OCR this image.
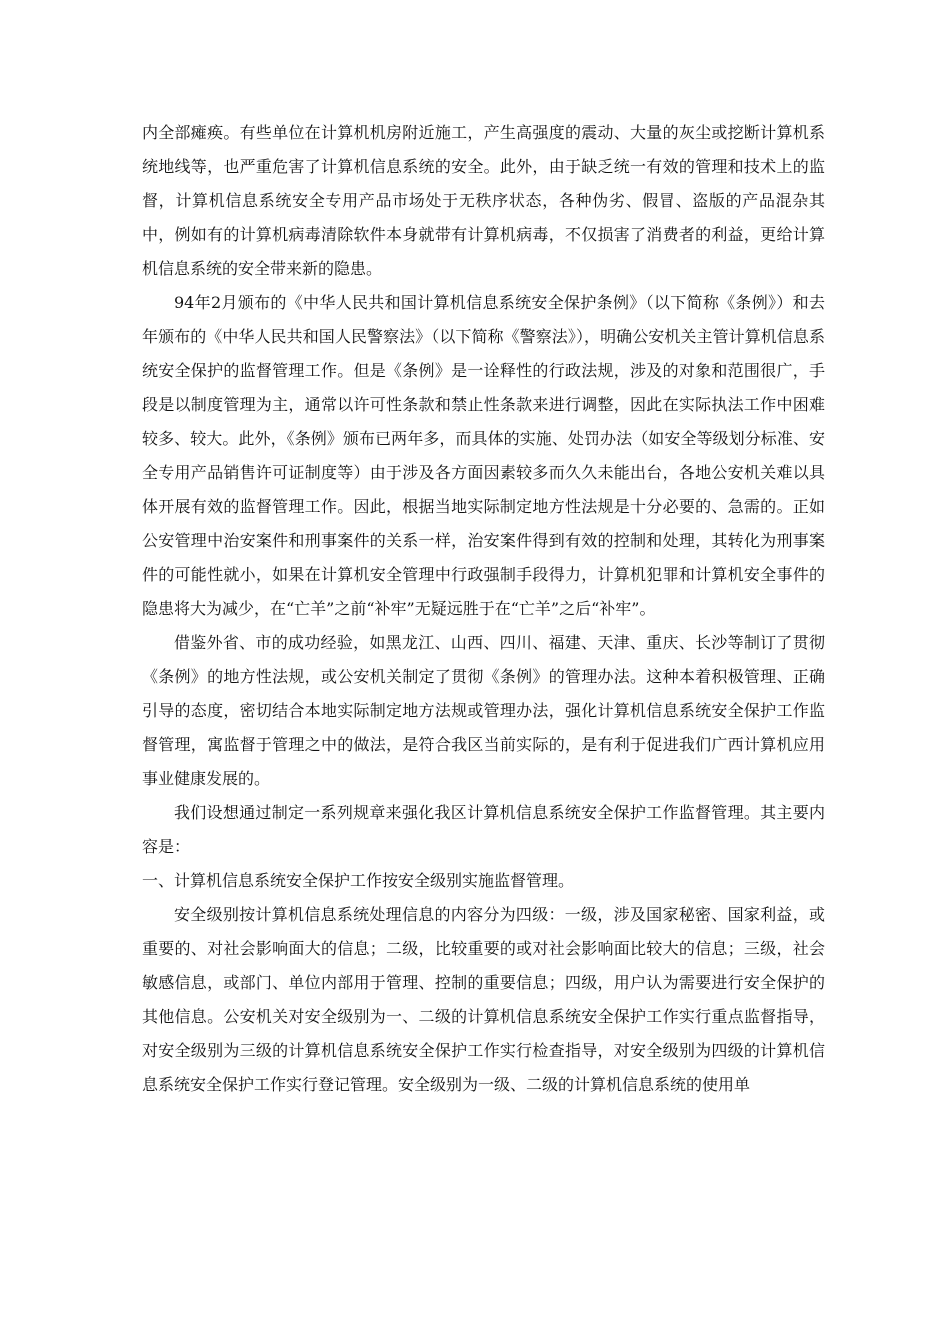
内全部瘫痪。有些单位在计算机机房附近施工，产生高强度的震动、大量的灰尘或挖断计算机系统地线等，也严重危害了计算机信息系统的安全。此外，由于缺乏统一有效的管理和技术上的监督，计算机信息系统安全专用产品市场处于无秩序状态，各种伪劣、假冒、盗版的产品混杂其中，例如有的计算机病毒清除软件本身就带有计算机病毒，不仅损害了消费者的利益，更给计算机信息系统的安全带来新的隐患。

94年2月颁布的《中华人民共和国计算机信息系统安全保护条例》（以下简称《条例》）和去年颁布的《中华人民共和国人民警察法》（以下简称《警察法》），明确公安机关主管计算机信息系统安全保护的监督管理工作。但是《条例》是一诠释性的行政法规，涉及的对象和范围很广，手段是以制度管理为主，通常以许可性条款和禁止性条款来进行调整，因此在实际执法工作中困难较多、较大。此外，《条例》颁布已两年多，而具体的实施、处罚办法（如安全等级划分标准、安全专用产品销售许可证制度等）由于涉及各方面因素较多而久久未能出台，各地公安机关难以具体开展有效的监督管理工作。因此，根据当地实际制定地方性法规是十分必要的、急需的。正如公安管理中治安案件和刑事案件的关系一样，治安案件得到有效的控制和处理，其转化为刑事案件的可能性就小，如果在计算机安全管理中行政强制手段得力，计算机犯罪和计算机安全事件的隐患将大为减少，在“亡羊”之前“补牢”无疑远胜于在“亡羊”之后“补牢”。

借鉴外省、市的成功经验，如黑龙江、山西、四川、福建、天津、重庆、长沙等制订了贯彻《条例》的地方性法规，或公安机关制定了贯彻《条例》的管理办法。这种本着积极管理、正确引导的态度，密切结合本地实际制定地方法规或管理办法，强化计算机信息系统安全保护工作监督管理，寓监督于管理之中的做法，是符合我区当前实际的，是有利于促进我们广西计算机应用事业健康发展的。

我们设想通过制定一系列规章来强化我区计算机信息系统安全保护工作监督管理。其主要内容是：

一、计算机信息系统安全保护工作按安全级别实施监督管理。

安全级别按计算机信息系统处理信息的内容分为四级：一级，涉及国家秘密、国家利益，或重要的、对社会影响面大的信息；二级，比较重要的或对社会影响面比较大的信息；三级，社会敏感信息，或部门、单位内部用于管理、控制的重要信息；四级，用户认为需要进行安全保护的其他信息。公安机关对安全级别为一、二级的计算机信息系统安全保护工作实行重点监督指导，对安全级别为三级的计算机信息系统安全保护工作实行检查指导，对安全级别为四级的计算机信息系统安全保护工作实行登记管理。安全级别为一级、二级的计算机信息系统的使用单
